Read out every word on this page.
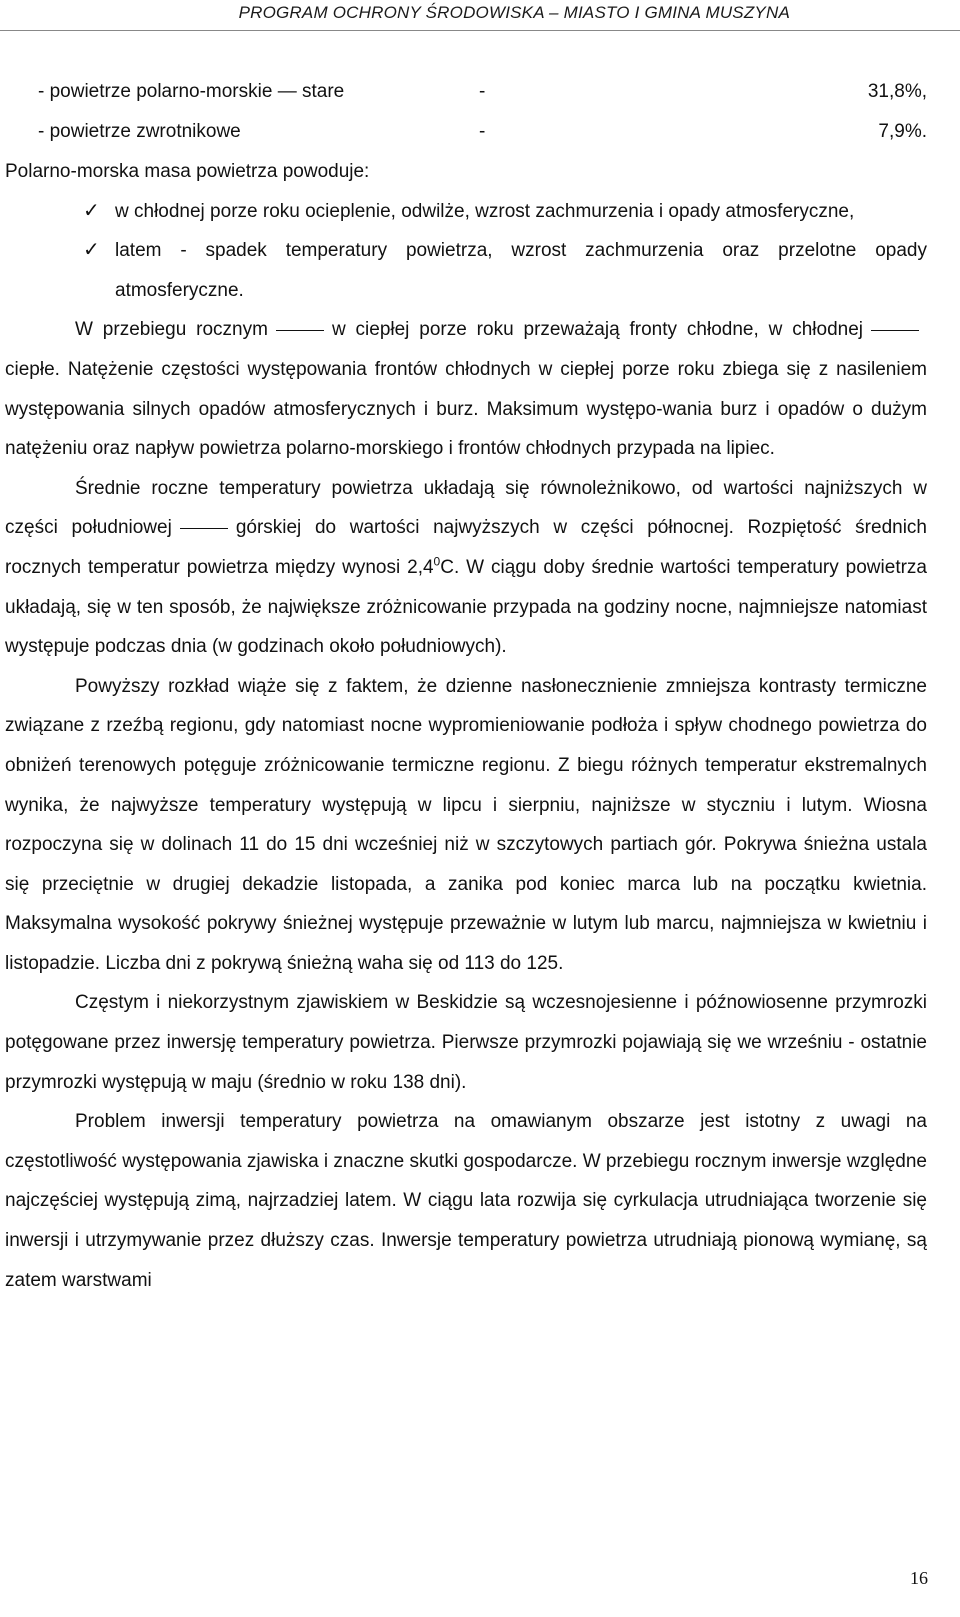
PROGRAM OCHRONY ŚRODOWISKA – MIASTO I GMINA MUSZYNA
- powietrze polarno-morskie — stare	-	31,8%,
- powietrze zwrotnikowe	-	7,9%.

Polarno-morska masa powietrza powoduje:

✓ w chłodnej porze roku ocieplenie, odwilże, wzrost zachmurzenia i opady atmosferyczne,
✓ latem - spadek temperatury powietrza, wzrost zachmurzenia oraz przelotne opady atmosferyczne.

W przebiegu rocznym	w ciepłej porze roku przeważają fronty chłodne, w chłodnejciepłe. Natężenie częstości występowania frontów chłodnych w ciepłej porze roku zbiega się z nasileniem występowania silnych opadów atmosferycznych i burz. Maksimum występo-wania burz i opadów o dużym natężeniu oraz napływ powietrza polarno-morskiego i frontów chłodnych przypada na lipiec.

Średnie roczne temperatury powietrza układają się równoleżnikowo, od wartości najniższych w części południowej	górskiej do wartości najwyższych w części północnej. Rozpiętość średnich rocznych temperatur powietrza między wynosi $2,4^0C$. W ciągu doby średnie wartości temperatury powietrza układają, się w ten sposób, że największe zróżnicowanie przypada na godziny nocne, najmniejsze natomiast występuje podczas dnia (w godzinach około południowych).

Powyższy rozkład wiąże się z faktem, że dzienne nasłonecznienie zmniejsza kontrasty termiczne związane z rzeźbą regionu, gdy natomiast nocne wypromieniowanie podłoża i spływ chodnego powietrza do obniżeń terenowych potęguje zróżnicowanie termiczne regionu. Z biegu różnych temperatur ekstremalnych wynika, że najwyższe temperatury występują w lipcu i sierpniu, najniższe w styczniu i lutym. Wiosna rozpoczyna się w dolinach 11 do 15 dni wcześniej niż w szczytowych partiach gór. Pokrywa śnieżna ustala się przeciętnie w drugiej dekadzie listopada, a zanika pod koniec marca lub na początku kwietnia. Maksymalna wysokość pokrywy śnieżnej występuje przeważnie w lutym lub marcu, najmniejsza w kwietniu i listopadzie. Liczba dni z pokrywą śnieżną waha się od 113 do 125.

Częstym i niekorzystnym zjawiskiem w Beskidzie są wczesnojesienne i późnowiosenne przymrozki potęgowane przez inwersję temperatury powietrza. Pierwsze przymrozki pojawiają się we wrześniu - ostatnie przymrozki występują w maju (średnio w roku 138 dni).

Problem inwersji temperatury powietrza na omawianym obszarze jest istotny z uwagi na częstotliwość występowania zjawiska i znaczne skutki gospodarcze. W przebiegu rocznym inwersje względne najczęściej występują zimą, najrzadziej latem. W ciągu lata rozwija się cyrkulacja utrudniająca tworzenie się inwersji i utrzymywanie przez dłuższy czas. Inwersje temperatury powietrza utrudniają pionową wymianę, są zatem warstwami

16
